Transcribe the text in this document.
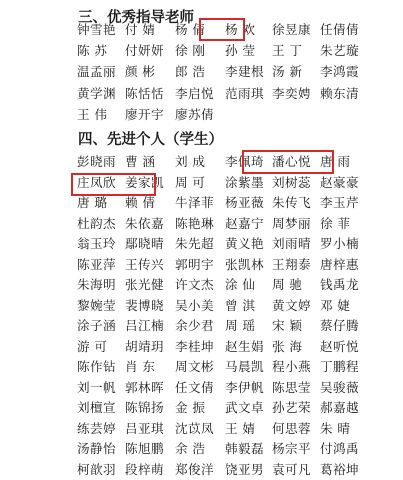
三、优秀指导老师
钟雪艳 付 婧 杨 倩 杨 欢 徐昱康 任倩倩
陈 苏 付妍妍 徐 刚 孙 莹 王 丁 朱艺璇
温孟丽 颜 彬 郎 浩 李建根 汤 新 李鸿霞
黄学渊 陈恬恬 李启悦 范雨琪 李奕娉 赖东清
王 伟 廖开宇 廖苏倩
四、先进个人（学生）
彭晓雨 曹 涵 刘 成 李佩琦 潘心悦 唐 雨
庄凤欣 姜家凯 周 可 涂紫墨 刘树蕊 赵豪豪
唐 璐 赖 倩 牛泽菲 杨亚薇 朱传飞 李玉芹
杜韵杰 朱依嘉 陈艳琳 赵嘉宁 周梦丽 徐 菲
翁玉玲 鄢晓晴 朱先超 黄义艳 刘雨晴 罗小楠
陈亚萍 王传兴 郭明宇 张凯林 王翔泰 唐梓惠
朱海明 张光健 许文杰 涂 仙 周 驰 钱禹龙
黎婉莹 裴博晓 吴小美 曾 淇 黄文婷 邓 婕
涂子涵 吕江楠 余少君 周 瑶 宋 颖 蔡仔腾
游 可 胡靖玥 李桂坤 赵生娟 张 海 赵听悦
陈作钻 肖 东 周文彬 马晨凯 程小燕 丁鹏程
刘一帆 郭林晖 任文倩 李伊帆 陈思莹 吴骏薇
刘檀宣 陈锦扬 金 振 武文卓 孙艺荣 郝嘉越
练芸婷 吕亚琪 沈苡凤 王 婧 何思蓉 朱 晴
汤静怡 陈旭鹏 余 浩 韩毅磊 杨宗平 付鸿禹
柯歆羽 段梓萌 郑俊洋 饶亚男 袁可凡 葛裕坤
